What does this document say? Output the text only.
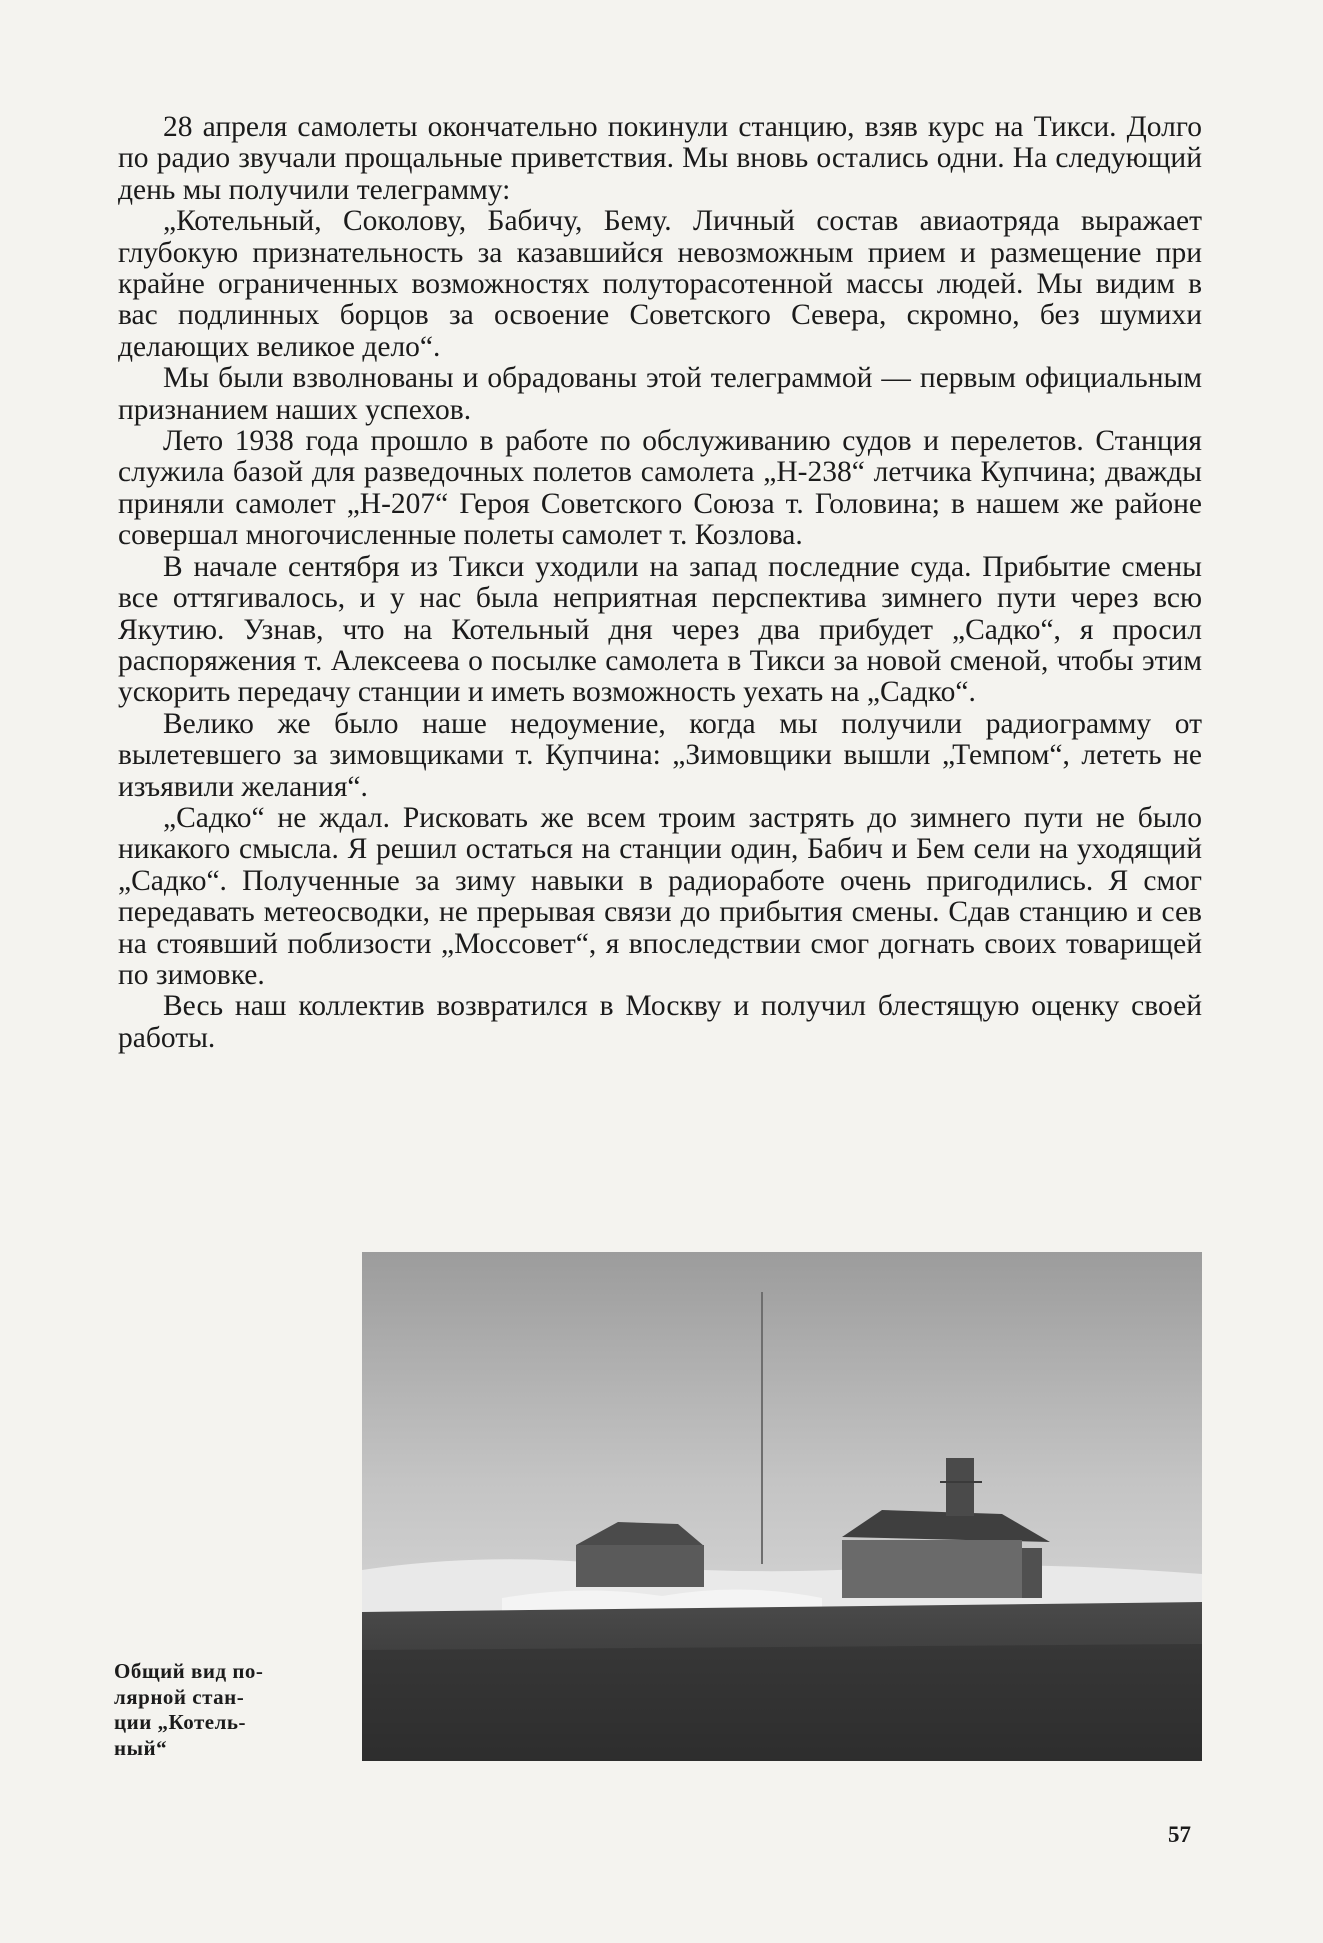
28 апреля самолеты окончательно покинули станцию, взяв курс на Тикси. Долго по радио звучали прощальные приветствия. Мы вновь остались одни. На следующий день мы получили телеграмму:

„Котельный, Соколову, Бабичу, Бему. Личный состав авиаотряда выражает глубокую признательность за казавшийся невозможным прием и размещение при крайне ограниченных возможностях полуторасотенной массы людей. Мы видим в вас подлинных борцов за освоение Советского Севера, скромно, без шумихи делающих великое дело“.

Мы были взволнованы и обрадованы этой телеграммой — первым официальным признанием наших успехов.

Лето 1938 года прошло в работе по обслуживанию судов и перелетов. Станция служила базой для разведочных полетов самолета „Н-238“ летчика Купчина; дважды приняли самолет „Н-207“ Героя Советского Союза т. Головина; в нашем же районе совершал многочисленные полеты самолет т. Козлова.

В начале сентября из Тикси уходили на запад последние суда. Прибытие смены все оттягивалось, и у нас была неприятная перспектива зимнего пути через всю Якутию. Узнав, что на Котельный дня через два прибудет „Садко“, я просил распоряжения т. Алексеева о посылке самолета в Тикси за новой сменой, чтобы этим ускорить передачу станции и иметь возможность уехать на „Садко“.

Велико же было наше недоумение, когда мы получили радиограмму от вылетевшего за зимовщиками т. Купчина: „Зимовщики вышли „Темпом“, лететь не изъявили желания“.

„Садко“ не ждал. Рисковать же всем троим застрять до зимнего пути не было никакого смысла. Я решил остаться на станции один, Бабич и Бем сели на уходящий „Садко“. Полученные за зиму навыки в радиоработе очень пригодились. Я смог передавать метеосводки, не прерывая связи до прибытия смены. Сдав станцию и сев на стоявший поблизости „Моссовет“, я впоследствии смог догнать своих товарищей по зимовке.

Весь наш коллектив возвратился в Москву и получил блестящую оценку своей работы.

Общий вид по-
лярной стан-
ции „Котель-
ный“
57
